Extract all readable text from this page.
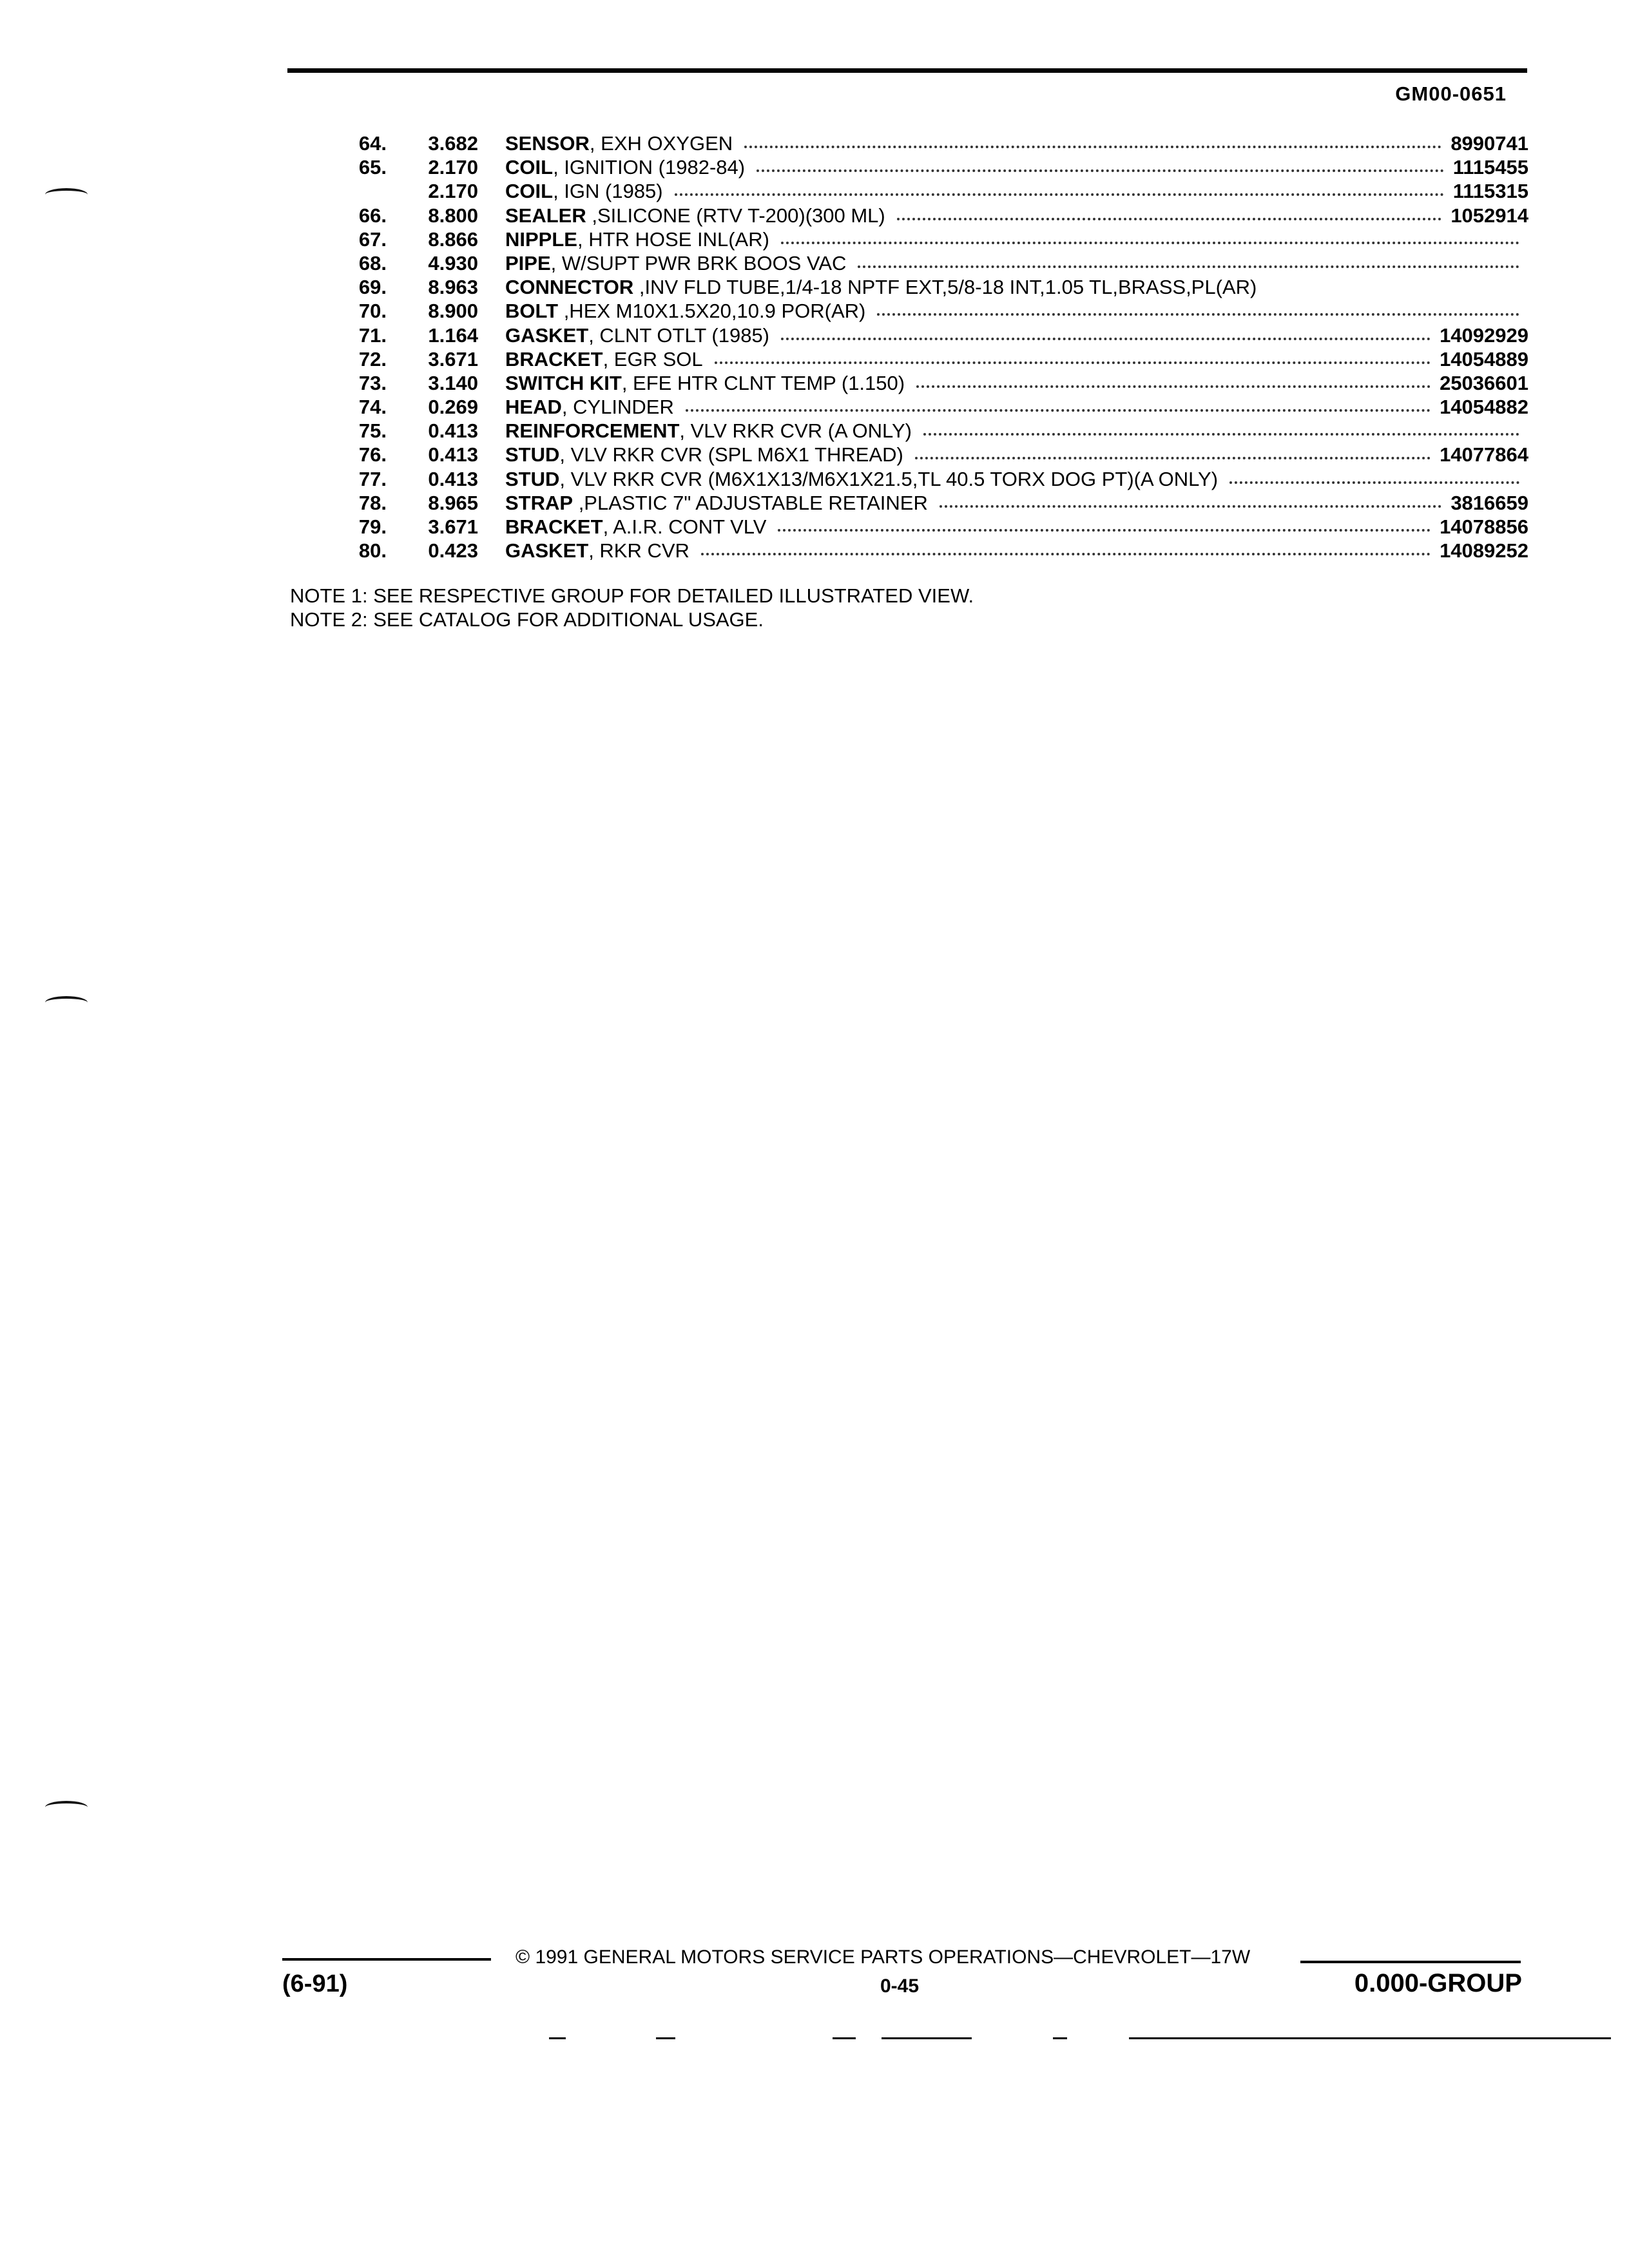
GM00-0651
64.	3.682 SENSOR, EXH OXYGEN	8990741
65.	2.170 COIL, IGNITION (1982-84)	1115455
2.170 COIL, IGN (1985)	1115315
66.	8.800 SEALER ,SILICONE (RTV T-200)(300 ML)	1052914
67.	8.866 NIPPLE, HTR HOSE INL(AR)
68.	4.930 PIPE, W/SUPT PWR BRK BOOS VAC
69.	8.963 CONNECTOR ,INV FLD TUBE,1/4-18 NPTF EXT,5/8-18 INT,1.05 TL,BRASS,PL(AR)
70.	8.900 BOLT ,HEX M10X1.5X20,10.9 POR(AR)
71.	1.164 GASKET, CLNT OTLT (1985)	14092929
72.	3.671 BRACKET, EGR SOL	14054889
73.	3.140 SWITCH KIT, EFE HTR CLNT TEMP (1.150)	25036601
74.	0.269 HEAD, CYLINDER	14054882
75.	0.413 REINFORCEMENT, VLV RKR CVR (A ONLY)
76.	0.413 STUD, VLV RKR CVR (SPL M6X1 THREAD)	14077864
77.	0.413 STUD, VLV RKR CVR (M6X1X13/M6X1X21.5,TL 40.5 TORX DOG PT)(A ONLY)
78.	8.965 STRAP ,PLASTIC 7" ADJUSTABLE RETAINER	3816659
79.	3.671 BRACKET, A.I.R. CONT VLV	14078856
80.	0.423 GASKET, RKR CVR	14089252
NOTE 1: SEE RESPECTIVE GROUP FOR DETAILED ILLUSTRATED VIEW.
NOTE 2: SEE CATALOG FOR ADDITIONAL USAGE.
© 1991 GENERAL MOTORS SERVICE PARTS OPERATIONS—CHEVROLET—17W
(6-91)	0-45	0.000-GROUP
